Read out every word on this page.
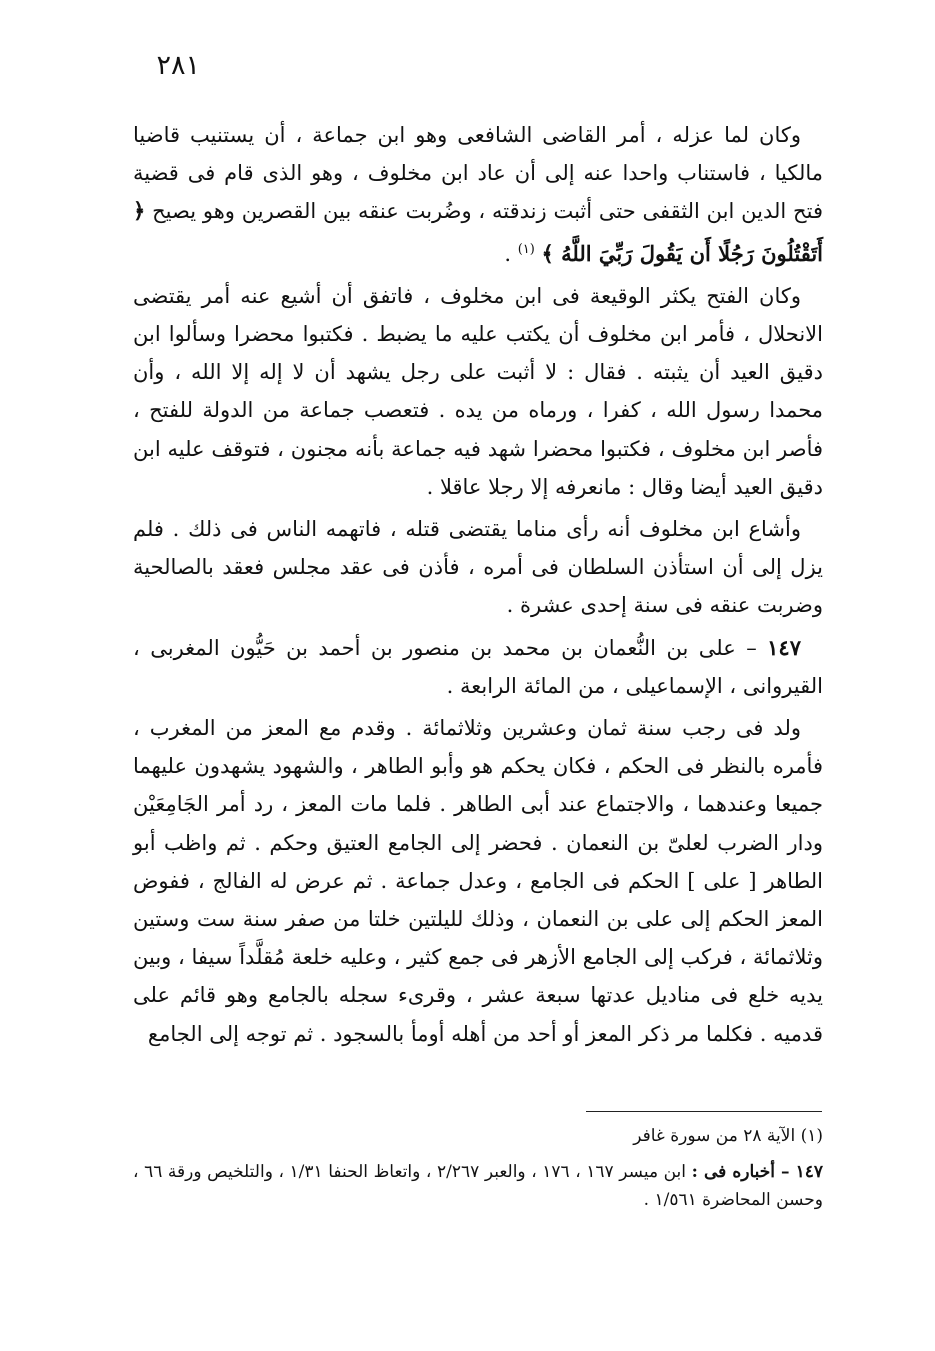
٢٨١

وكان لما عزله ، أمر القاضى الشافعى وهو ابن جماعة ، أن يستنيب قاضيا مالكيا ، فاستناب واحدا عنه إلى أن عاد ابن مخلوف ، وهو الذى قام فى قضية فتح الدين ابن الثقفى حتى أثبت زندقته ، وضُربت عنقه بين القصرين وهو يصيح ﴿ أَتَقْتُلُونَ رَجُلًا أَن يَقُولَ رَبِّيَ اللَّهُ ﴾ $^{(١)}$ .

وكان الفتح يكثر الوقيعة فى ابن مخلوف ، فاتفق أن أشيع عنه أمر يقتضى الانحلال ، فأمر ابن مخلوف أن يكتب عليه ما يضبط . فكتبوا محضرا وسألوا ابن دقيق العيد أن يثبته . فقال : لا أثبت على رجل يشهد أن لا إله إلا الله ، وأن محمدا رسول الله ، كفرا ، ورماه من يده . فتعصب جماعة من الدولة للفتح ، فأصر ابن مخلوف ، فكتبوا محضرا شهد فيه جماعة بأنه مجنون ، فتوقف عليه ابن دقيق العيد أيضا وقال : مانعرفه إلا رجلا عاقلا .

وأشاع ابن مخلوف أنه رأى مناما يقتضى قتله ، فاتهمه الناس فى ذلك . فلم يزل إلى أن استأذن السلطان فى أمره ، فأذن فى عقد مجلس فعقد بالصالحية وضربت عنقه فى سنة إحدى عشرة .

١٤٧ – على بن النُّعمان بن محمد بن منصور بن أحمد بن حَيُّون المغربى ، القيروانى ، الإسماعيلى ، من المائة الرابعة .

ولد فى رجب سنة ثمان وعشرين وثلاثمائة . وقدم مع المعز من المغرب ، فأمره بالنظر فى الحكم ، فكان يحكم هو وأبو الطاهر ، والشهود يشهدون عليهما جميعا وعندهما ، والاجتماع عند أبى الطاهر . فلما مات المعز ، رد أمر الجَامِعَيْن ودار الضرب لعلىّ بن النعمان . فحضر إلى الجامع العتيق وحكم . ثم واظب أبو الطاهر [ على ] الحكم فى الجامع ، وعدل جماعة . ثم عرض له الفالج ، ففوض المعز الحكم إلى على بن النعمان ، وذلك لليلتين خلتا من صفر سنة ست وستين وثلاثمائة ، فركب إلى الجامع الأزهر فى جمع كثير ، وعليه خلعة مُقلَّداً سيفا ، وبين يديه خلع فى مناديل عدتها سبعة عشر ، وقرىء سجله بالجامع وهو قائم على قدميه . فكلما مر ذكر المعز أو أحد من أهله أومأ بالسجود . ثم توجه إلى الجامع

(١) الآية ٢٨ من سورة غافر

١٤٧ – أخباره فى : ابن ميسر ١٦٧ ، ١٧٦ ، والعبر ٢/٢٦٧ ، واتعاظ الحنفا ١/٣١ ، والتلخيص ورقة ٦٦ ، وحسن المحاضرة ١/٥٦١ .
